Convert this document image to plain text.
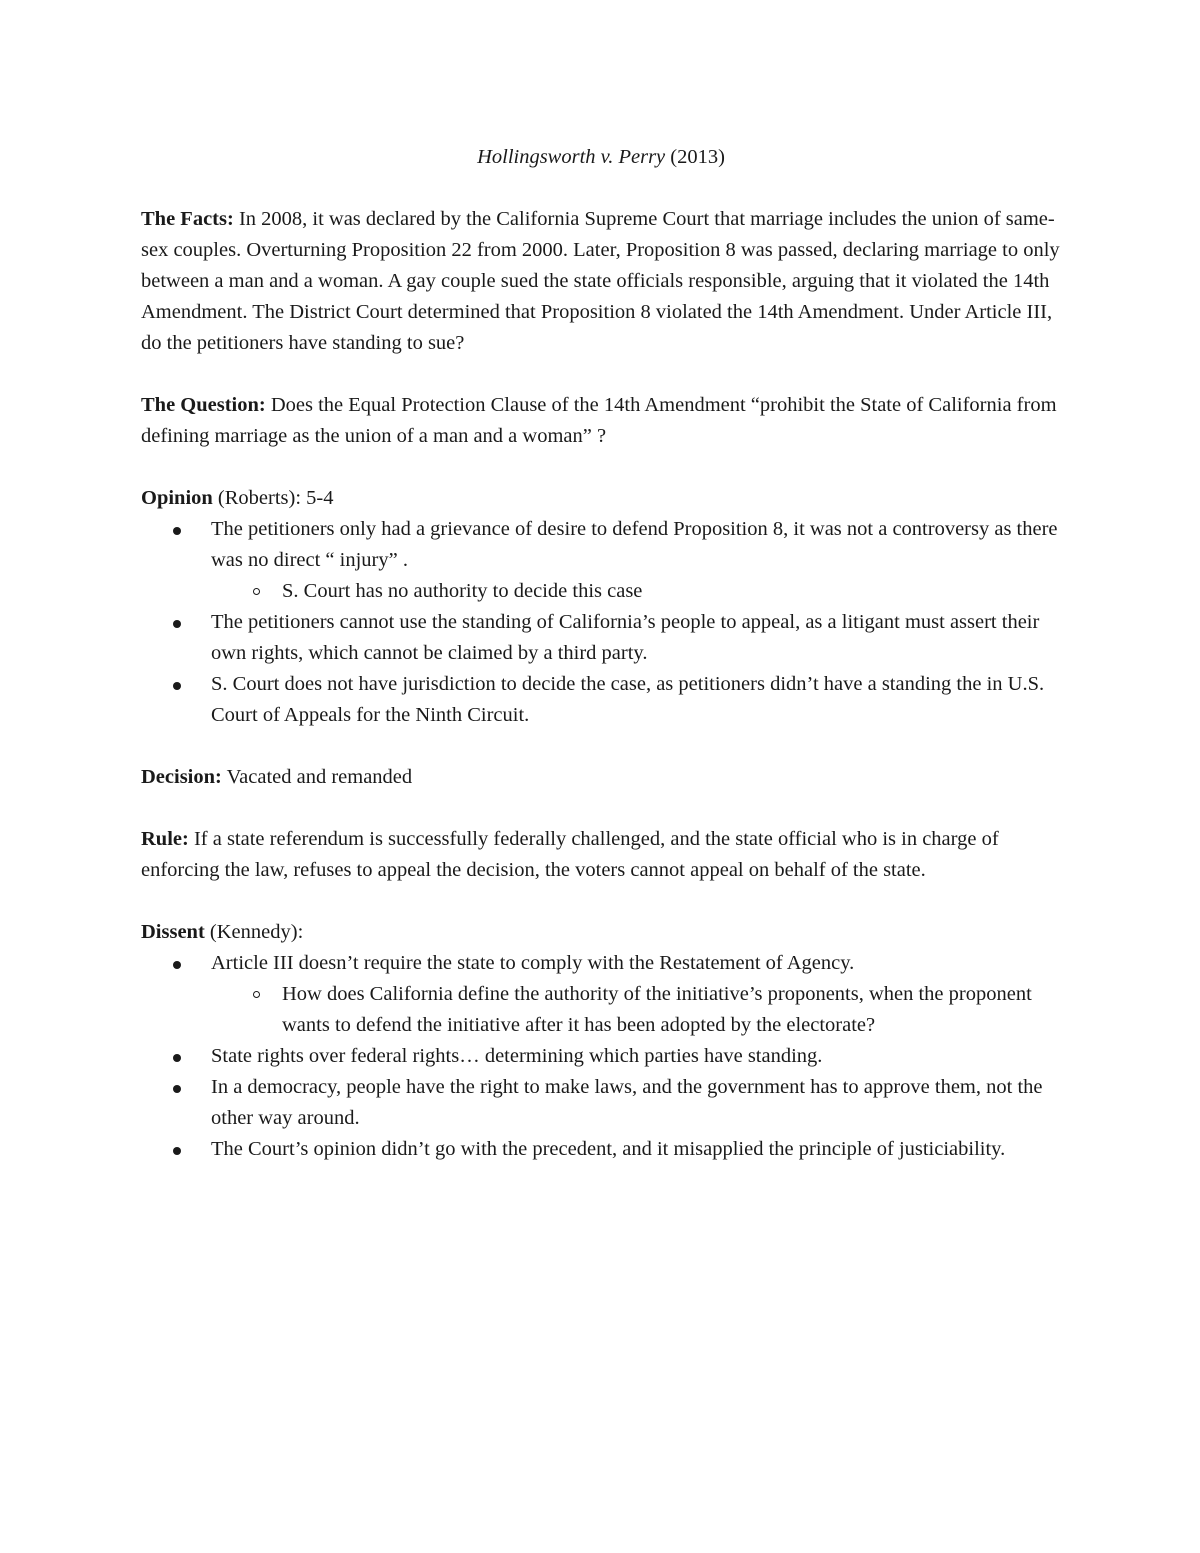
Hollingsworth v. Perry (2013)

The Facts: In 2008, it was declared by the California Supreme Court that marriage includes the union of same-sex couples. Overturning Proposition 22 from 2000. Later, Proposition 8 was passed, declaring marriage to only between a man and a woman. A gay couple sued the state officials responsible, arguing that it violated the 14th Amendment. The District Court determined that Proposition 8 violated the 14th Amendment. Under Article III, do the petitioners have standing to sue?

The Question: Does the Equal Protection Clause of the 14th Amendment “prohibit the State of California from defining marriage as the union of a man and a woman” ?

Opinion (Roberts): 5-4

The petitioners only had a grievance of desire to defend Proposition 8, it was not a controversy as there was no direct “ injury” .
S. Court has no authority to decide this case
The petitioners cannot use the standing of California’s people to appeal, as a litigant must assert their own rights, which cannot be claimed by a third party.
S. Court does not have jurisdiction to decide the case, as petitioners didn’t have a standing the in U.S. Court of Appeals for the Ninth Circuit.

Decision: Vacated and remanded

Rule: If a state referendum is successfully federally challenged, and the state official who is in charge of enforcing the law, refuses to appeal the decision, the voters cannot appeal on behalf of the state.

Dissent (Kennedy):

Article III doesn’t require the state to comply with the Restatement of Agency.
How does California define the authority of the initiative’s proponents, when the proponent wants to defend the initiative after it has been adopted by the electorate?
State rights over federal rights… determining which parties have standing.
In a democracy, people have the right to make laws, and the government has to approve them, not the other way around.
The Court’s opinion didn’t go with the precedent, and it misapplied the principle of justiciability.
